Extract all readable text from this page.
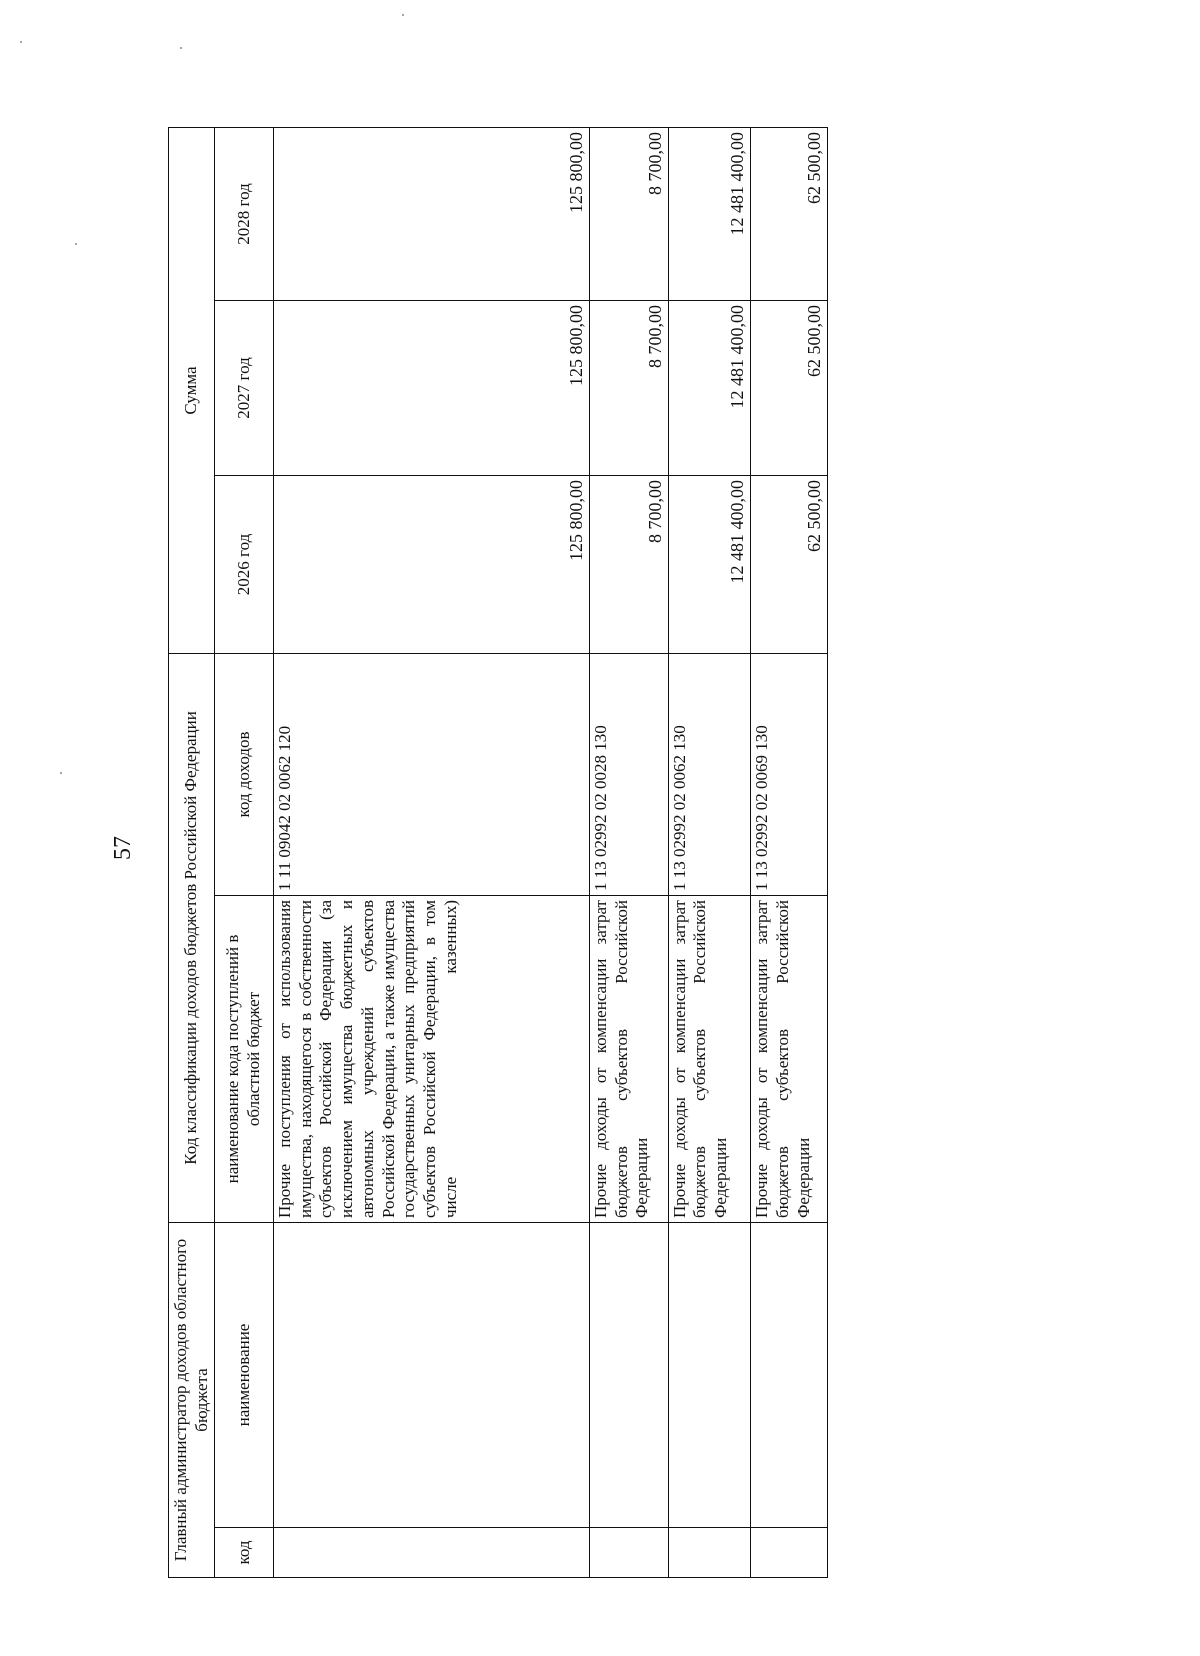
57
Главный администратор доходов областного бюджета		Код классификации доходов бюджетов Российской Федерации		Сумма		
код	наименование	наименование кода поступлений в областной бюджет	код доходов	2026 год	2027 год	2028 год
		Прочие поступления от использования имущества, находящегося в собственности субъектов Российской Федерации (за исключением имущества бюджетных и автономных учреждений субъектов Российской Федерации, а также имущества государственных унитарных предприятий субъектов Российской Федерации, в том числе казенных)	1 11 09042 02 0062 120	125 800,00	125 800,00	125 800,00
		Прочие доходы от компенсации затрат бюджетов субъектов Российской Федерации	1 13 02992 02 0028 130	8 700,00	8 700,00	8 700,00
		Прочие доходы от компенсации затрат бюджетов субъектов Российской Федерации	1 13 02992 02 0062 130	12 481 400,00	12 481 400,00	12 481 400,00
		Прочие доходы от компенсации затрат бюджетов субъектов Российской Федерации	1 13 02992 02 0069 130	62 500,00	62 500,00	62 500,00
